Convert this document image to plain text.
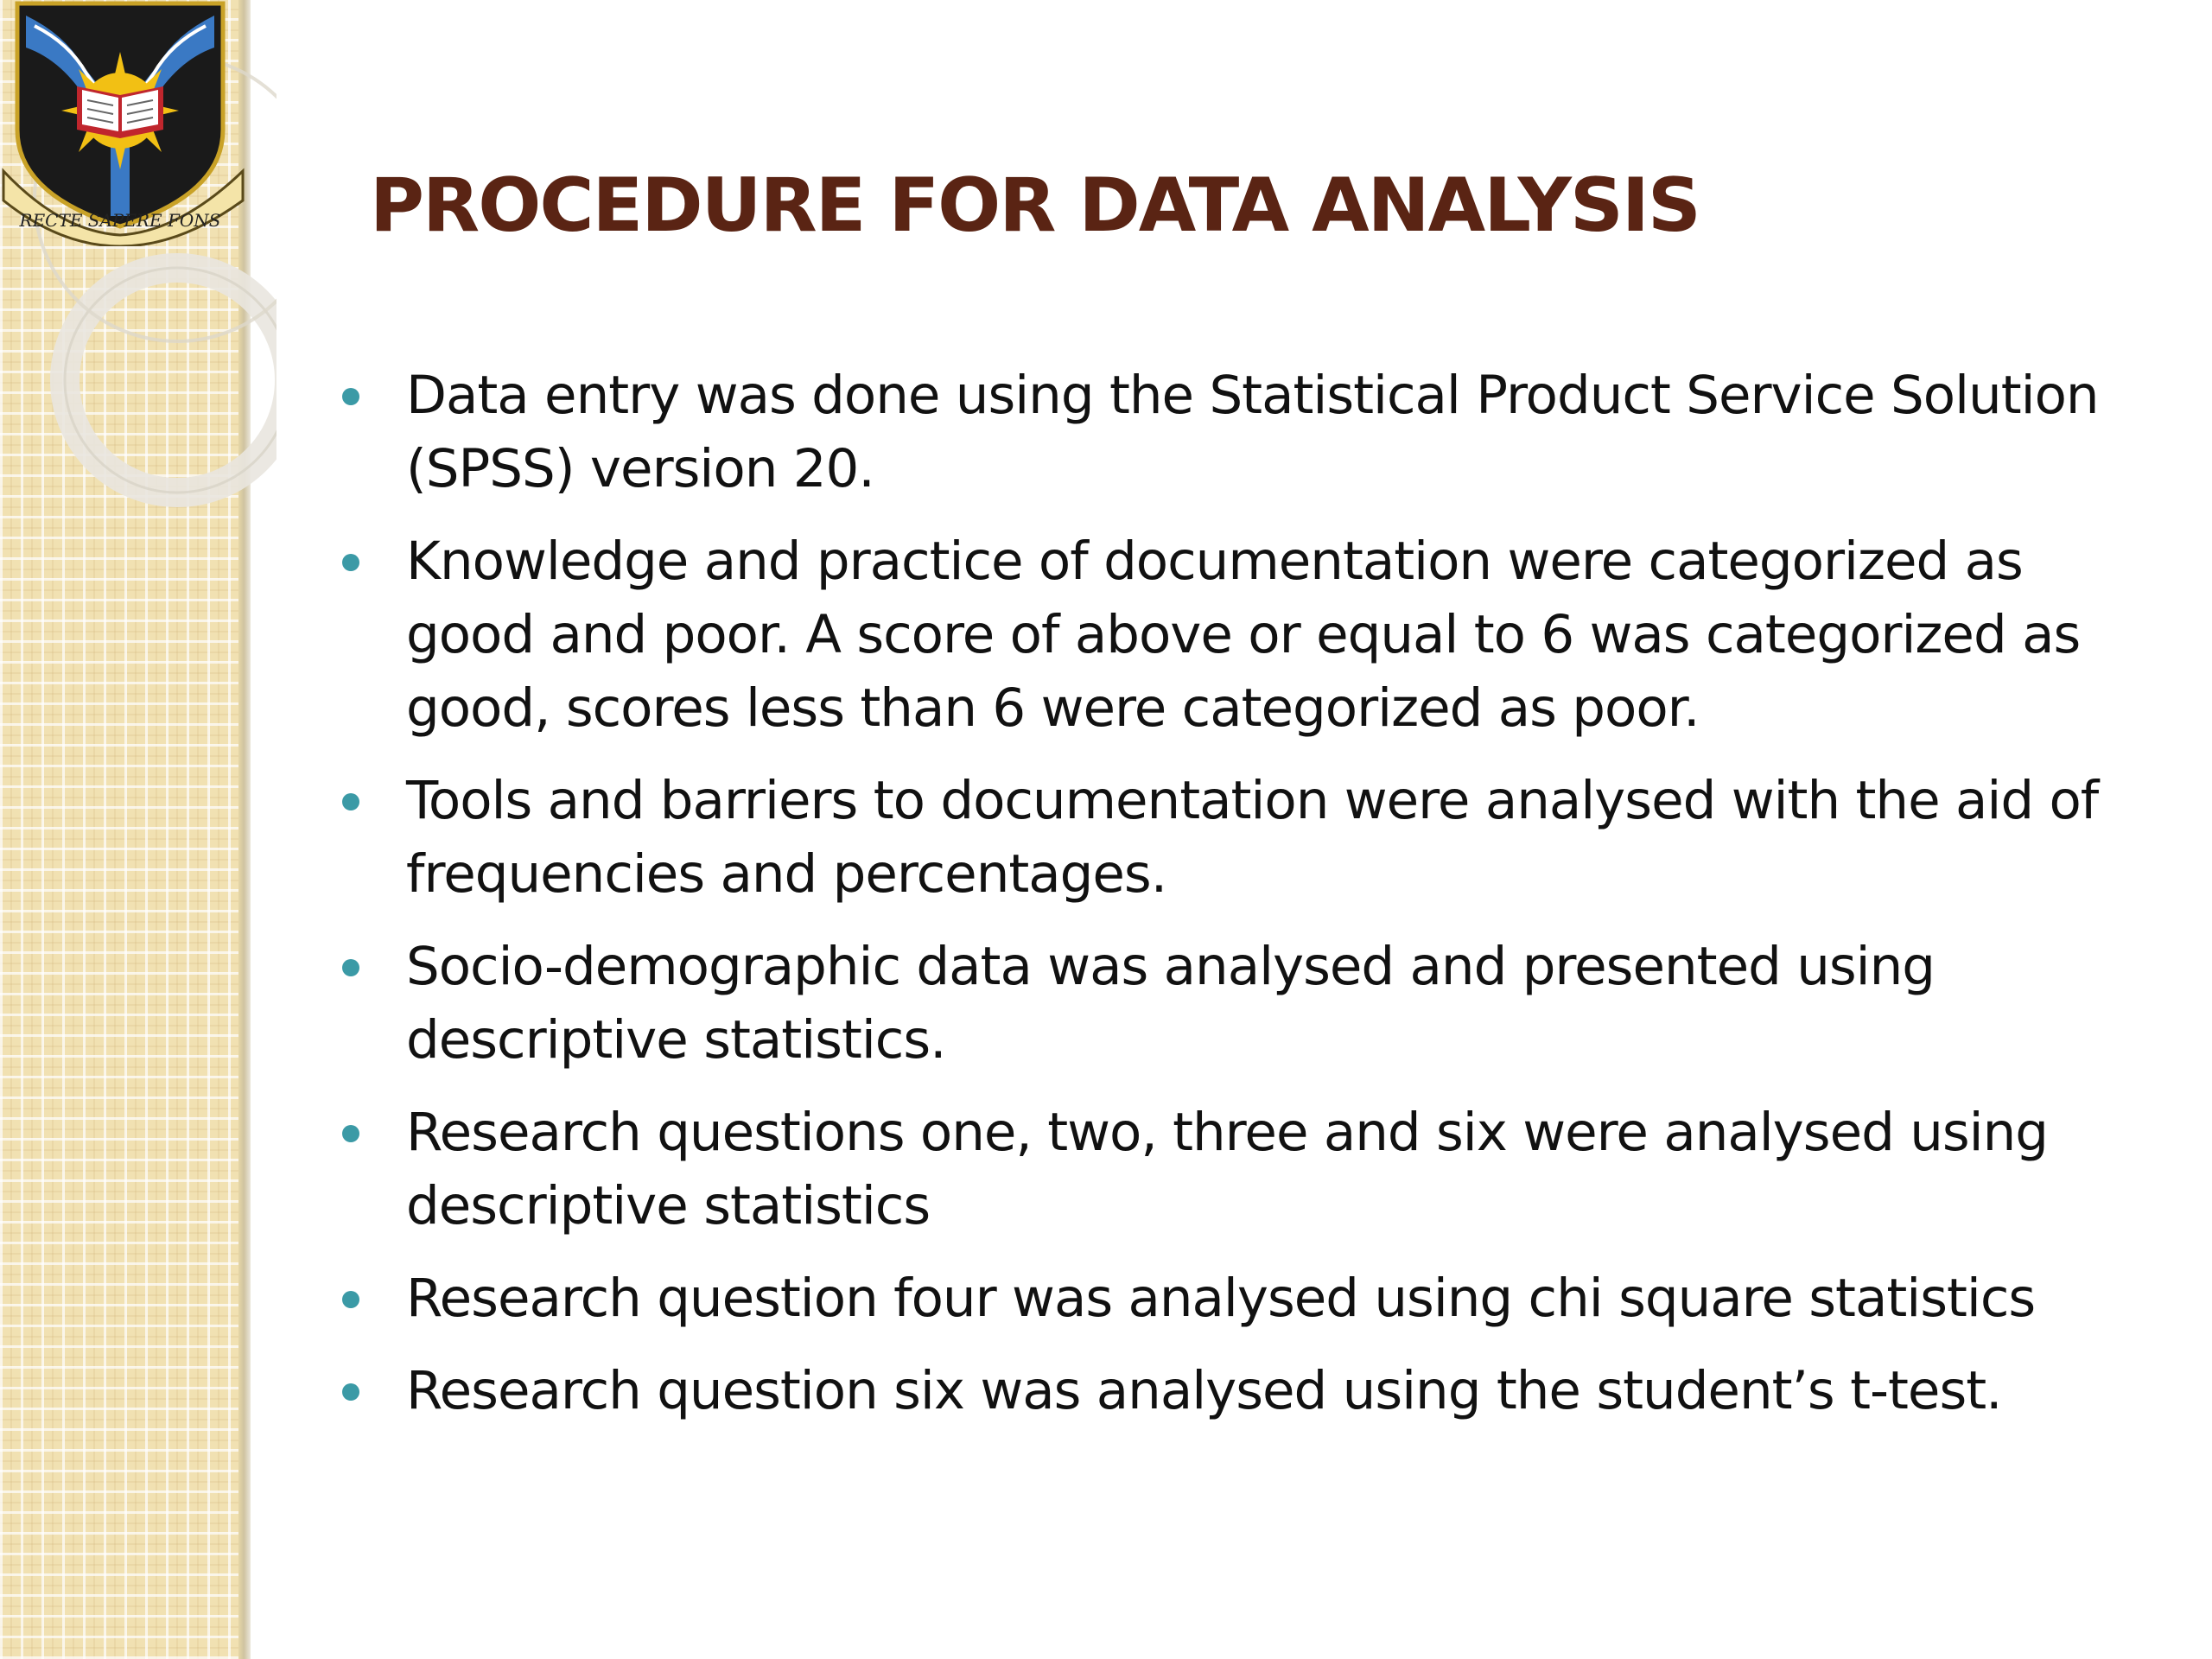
RECTE SAPERE FONS PROCEDURE FOR DATA ANALYSIS
Data entry was done using the Statistical Product Service Solution (SPSS) version 20.
Knowledge and practice of documentation were categorized as good and poor. A score of above or equal to 6 was categorized as good, scores less than 6 were categorized as poor.
Tools and barriers to documentation were analysed with the aid of frequencies and percentages.
Socio-demographic data was analysed and presented using descriptive statistics.
Research questions one, two, three and six were analysed using descriptive statistics
Research question four was analysed using chi square statistics
Research question six was analysed using the student’s t-test.
